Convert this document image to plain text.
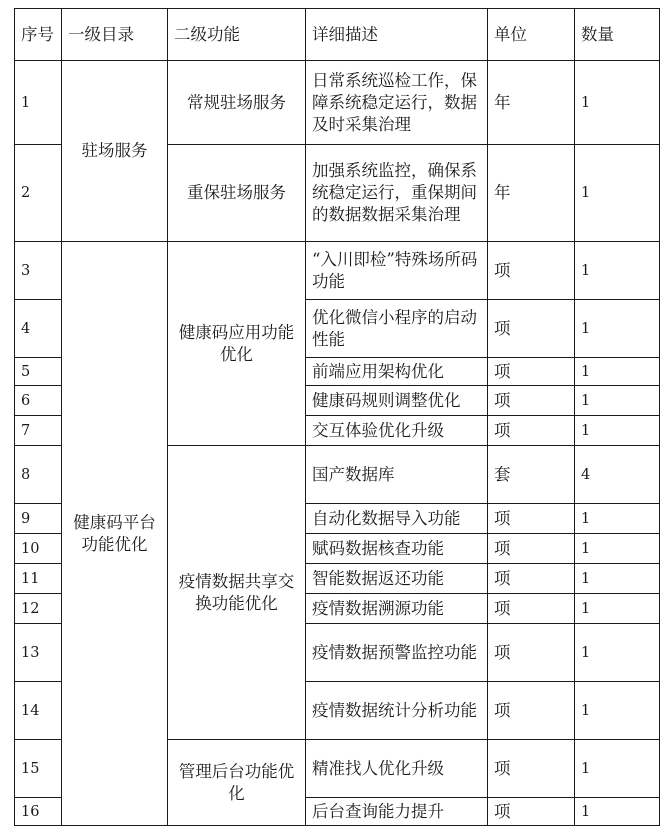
序号	一级目录	二级功能	详细描述	单位	数量
1	驻场服务	常规驻场服务	日常系统巡检工作，保障系统稳定运行，数据及时采集治理	年	1
2		重保驻场服务	加强系统监控，确保系统稳定运行，重保期间的数据数据采集治理	年	1
3	健康码平台功能优化	健康码应用功能优化	“入川即检”特殊场所码功能	项	1
4			优化微信小程序的启动性能	项	1
5			前端应用架构优化	项	1
6			健康码规则调整优化	项	1
7			交互体验优化升级	项	1
8		疫情数据共享交换功能优化	国产数据库	套	4
9			自动化数据导入功能	项	1
10			赋码数据核查功能	项	1
11			智能数据返还功能	项	1
12			疫情数据溯源功能	项	1
13			疫情数据预警监控功能	项	1
14			疫情数据统计分析功能	项	1
15		管理后台功能优化	精准找人优化升级	项	1
16			后台查询能力提升	项	1
